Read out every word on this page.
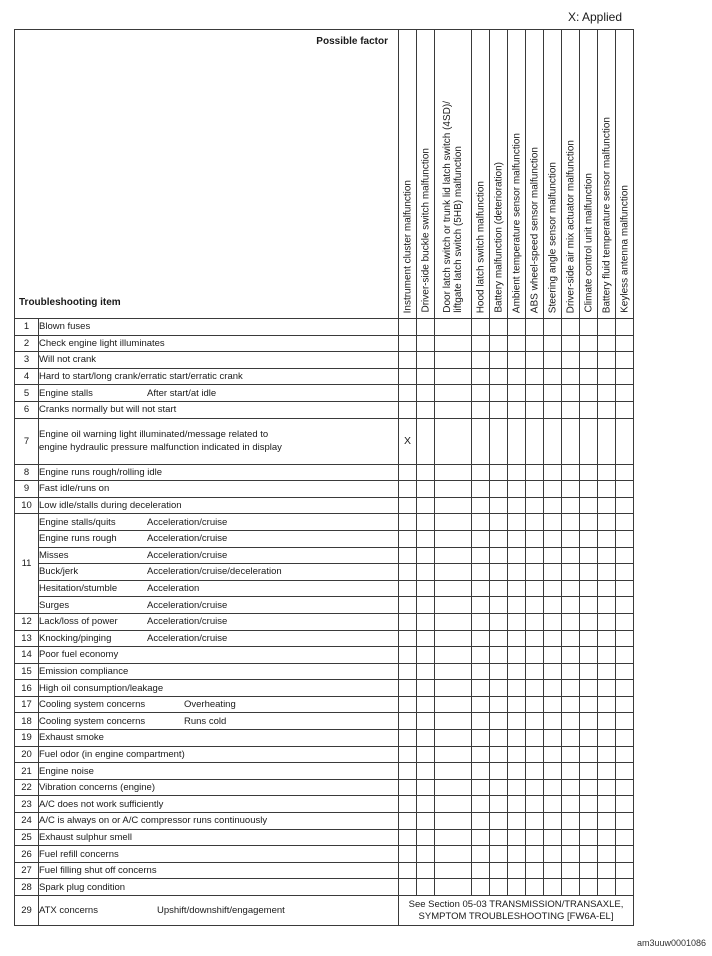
X: Applied
Possible factor
Troubleshooting item		Instrument cluster malfunction	Driver-side buckle switch malfunction	Door latch switch or trunk lid latch switch (4SD)/
liftgate latch switch (5HB) malfunction	Hood latch switch malfunction	Battery malfunction (deterioration)	Ambient temperature sensor malfunction	ABS wheel-speed sensor malfunction	Steering angle sensor malfunction	Driver-side air mix actuator malfunction	Climate control unit malfunction	Battery fluid temperature sensor malfunction	Keyless antenna malfunction

1	Blown fuses												
2	Check engine light illuminates												
3	Will not crank												
4	Hard to start/long crank/erratic start/erratic crank												
5	Engine stalls After start/at idle												
6	Cranks normally but will not start												
7	Engine oil warning light illuminated/message related to
engine hydraulic pressure malfunction indicated in display	X											
8	Engine runs rough/rolling idle												
9	Fast idle/runs on												
10	Low idle/stalls during deceleration												
11	Engine stalls/quits Acceleration/cruise												
	Engine runs rough Acceleration/cruise												
	Misses Acceleration/cruise												
	Buck/jerk Acceleration/cruise/deceleration												
	Hesitation/stumble Acceleration												
	Surges Acceleration/cruise												
12	Lack/loss of power Acceleration/cruise												
13	Knocking/pinging Acceleration/cruise												
14	Poor fuel economy												
15	Emission compliance												
16	High oil consumption/leakage												
17	Cooling system concerns Overheating												
18	Cooling system concerns Runs cold												
19	Exhaust smoke												
20	Fuel odor (in engine compartment)												
21	Engine noise												
22	Vibration concerns (engine)												
23	A/C does not work sufficiently												
24	A/C is always on or A/C compressor runs continuously												
25	Exhaust sulphur smell												
26	Fuel refill concerns												
27	Fuel filling shut off concerns												
28	Spark plug condition												
29	ATX concerns Upshift/downshift/engagement	See Section 05-03 TRANSMISSION/TRANSAXLE,
SYMPTOM TROUBLESHOOTING [FW6A-EL]											
am3uuw0001086
